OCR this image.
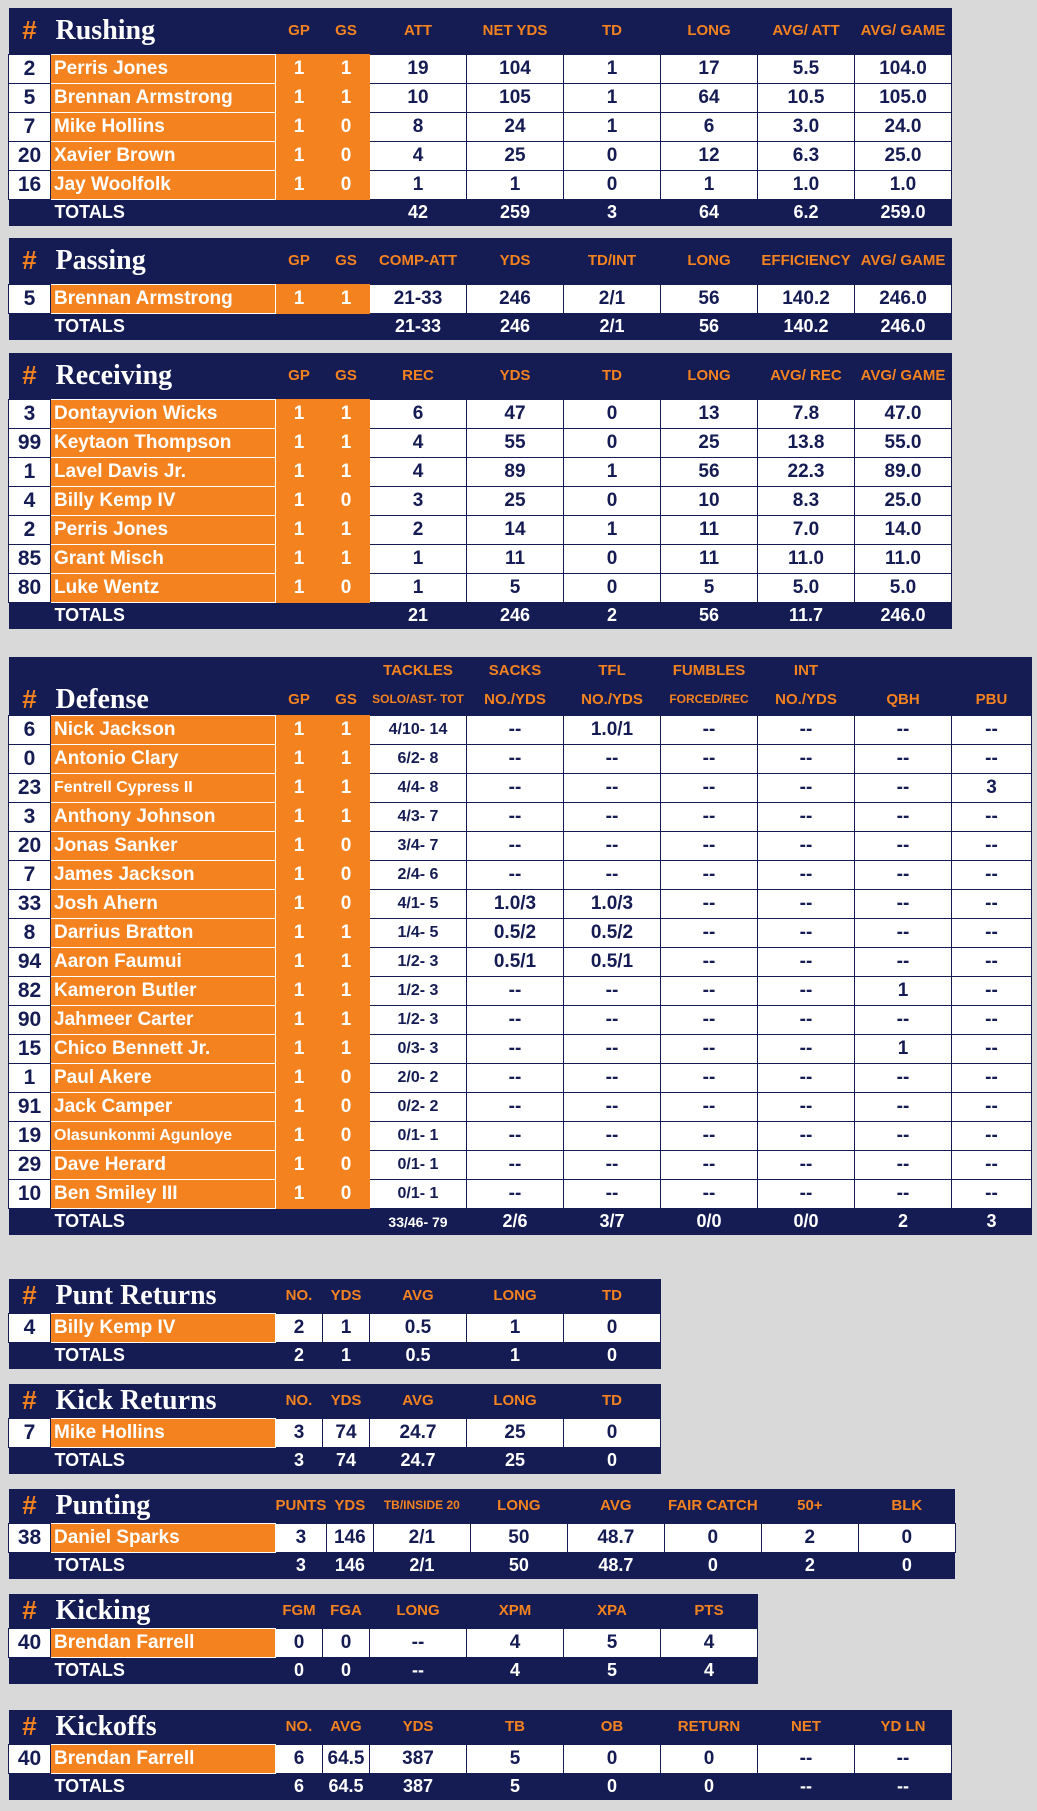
#	Rushing	GP	GS	ATT	NET YDS	TD	LONG	AVG/ ATT	AVG/ GAME
2	Perris Jones	1	1	19	104	1	17	5.5	104.0
5	Brennan Armstrong	1	1	10	105	1	64	10.5	105.0
7	Mike Hollins	1	0	8	24	1	6	3.0	24.0
20	Xavier Brown	1	0	4	25	0	12	6.3	25.0
16	Jay Woolfolk	1	0	1	1	0	1	1.0	1.0
TOTALS				42	259	3	64	6.2	259.0
#	Passing	GP	GS	COMP-ATT	YDS	TD/INT	LONG	EFFICIENCY	AVG/ GAME
5	Brennan Armstrong	1	1	21-33	246	2/1	56	140.2	246.0
TOTALS				21-33	246	2/1	56	140.2	246.0
#	Receiving	GP	GS	REC	YDS	TD	LONG	AVG/ REC	AVG/ GAME
3	Dontayvion Wicks	1	1	6	47	0	13	7.8	47.0
99	Keytaon Thompson	1	1	4	55	0	25	13.8	55.0
1	Lavel Davis Jr.	1	1	4	89	1	56	22.3	89.0
4	Billy Kemp IV	1	0	3	25	0	10	8.3	25.0
2	Perris Jones	1	1	2	14	1	11	7.0	14.0
85	Grant Misch	1	1	1	11	0	11	11.0	11.0
80	Luke Wentz	1	0	1	5	0	5	5.0	5.0
TOTALS				21	246	2	56	11.7	246.0
				TACKLES	SACKS	TFL	FUMBLES	INT		
#	Defense	GP	GS	SOLO/AST- TOT	NO./YDS	NO./YDS	FORCED/REC	NO./YDS	QBH	PBU
6	Nick Jackson	1	1	4/10- 14	--	1.0/1	--	--	--	--
0	Antonio Clary	1	1	6/2- 8	--	--	--	--	--	--
23	Fentrell Cypress II	1	1	4/4- 8	--	--	--	--	--	3
3	Anthony Johnson	1	1	4/3- 7	--	--	--	--	--	--
20	Jonas Sanker	1	0	3/4- 7	--	--	--	--	--	--
7	James Jackson	1	0	2/4- 6	--	--	--	--	--	--
33	Josh Ahern	1	0	4/1- 5	1.0/3	1.0/3	--	--	--	--
8	Darrius Bratton	1	1	1/4- 5	0.5/2	0.5/2	--	--	--	--
94	Aaron Faumui	1	1	1/2- 3	0.5/1	0.5/1	--	--	--	--
82	Kameron Butler	1	1	1/2- 3	--	--	--	--	1	--
90	Jahmeer Carter	1	1	1/2- 3	--	--	--	--	--	--
15	Chico Bennett Jr.	1	1	0/3- 3	--	--	--	--	1	--
1	Paul Akere	1	0	2/0- 2	--	--	--	--	--	--
91	Jack Camper	1	0	0/2- 2	--	--	--	--	--	--
19	Olasunkonmi Agunloye	1	0	0/1- 1	--	--	--	--	--	--
29	Dave Herard	1	0	0/1- 1	--	--	--	--	--	--
10	Ben Smiley III	1	0	0/1- 1	--	--	--	--	--	--
TOTALS				33/46- 79	2/6	3/7	0/0	0/0	2	3
#	Punt Returns	NO.	YDS	AVG	LONG	TD
4	Billy Kemp IV	2	1	0.5	1	0
TOTALS		2	1	0.5	1	0
#	Kick Returns	NO.	YDS	AVG	LONG	TD
7	Mike Hollins	3	74	24.7	25	0
TOTALS		3	74	24.7	25	0
#	Punting	PUNTS	YDS	TB/INSIDE 20	LONG	AVG	FAIR CATCH	50+	BLK
38	Daniel Sparks	3	146	2/1	50	48.7	0	2	0
TOTALS		3	146	2/1	50	48.7	0	2	0
#	Kicking	FGM	FGA	LONG	XPM	XPA	PTS
40	Brendan Farrell	0	0	--	4	5	4
TOTALS		0	0	--	4	5	4
#	Kickoffs	NO.	AVG	YDS	TB	OB	RETURN	NET	YD LN
40	Brendan Farrell	6	64.5	387	5	0	0	--	--
TOTALS		6	64.5	387	5	0	0	--	--
